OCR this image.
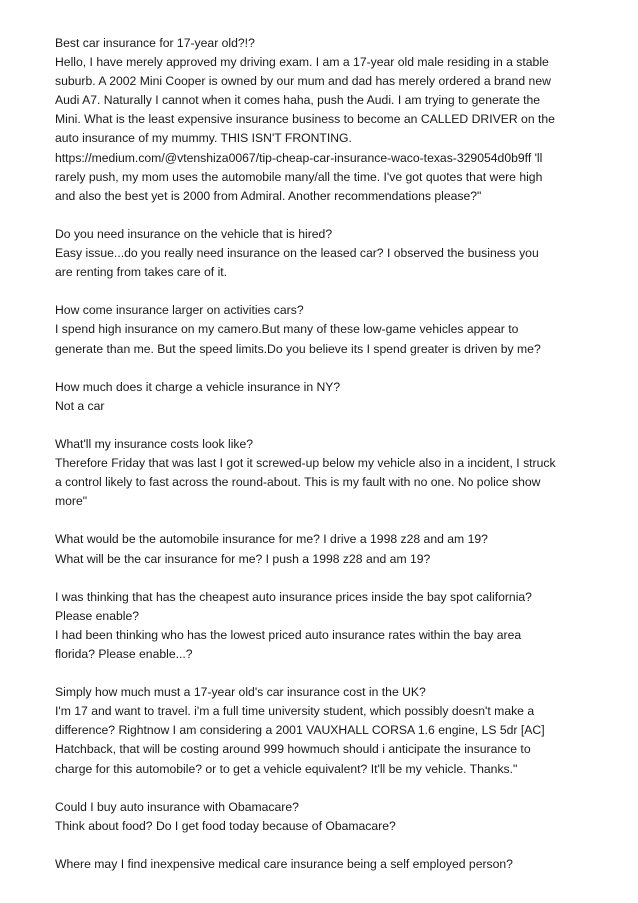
Best car insurance for 17-year old?!?
Hello, I have merely approved my driving exam. I am a 17-year old male residing in a stable
suburb. A 2002 Mini Cooper is owned by our mum and dad has merely ordered a brand new
Audi A7. Naturally I cannot when it comes haha, push the Audi. I am trying to generate the
Mini. What is the least expensive insurance business to become an CALLED DRIVER on the
auto insurance of my mummy. THIS ISN'T FRONTING.
https://medium.com/@vtenshiza0067/tip-cheap-car-insurance-waco-texas-329054d0b9ff 'll
rarely push, my mom uses the automobile many/all the time. I've got quotes that were high
and also the best yet is 2000 from Admiral. Another recommendations please?"
Do you need insurance on the vehicle that is hired?
Easy issue...do you really need insurance on the leased car? I observed the business you
are renting from takes care of it.
How come insurance larger on activities cars?
I spend high insurance on my camero.But many of these low-game vehicles appear to
generate than me. But the speed limits.Do you believe its I spend greater is driven by me?
How much does it charge a vehicle insurance in NY?
Not a car
What'll my insurance costs look like?
Therefore Friday that was last I got it screwed-up below my vehicle also in a incident, I struck
a control likely to fast across the round-about. This is my fault with no one. No police show
more"
What would be the automobile insurance for me? I drive a 1998 z28 and am 19?
What will be the car insurance for me? I push a 1998 z28 and am 19?
I was thinking that has the cheapest auto insurance prices inside the bay spot california?
Please enable?
I had been thinking who has the lowest priced auto insurance rates within the bay area
florida? Please enable...?
Simply how much must a 17-year old's car insurance cost in the UK?
I'm 17 and want to travel. i'm a full time university student, which possibly doesn't make a
difference? Rightnow I am considering a 2001 VAUXHALL CORSA 1.6 engine, LS 5dr [AC]
Hatchback, that will be costing around 999 howmuch should i anticipate the insurance to
charge for this automobile? or to get a vehicle equivalent? It'll be my vehicle. Thanks."
Could I buy auto insurance with Obamacare?
Think about food? Do I get food today because of Obamacare?
Where may I find inexpensive medical care insurance being a self employed person?
